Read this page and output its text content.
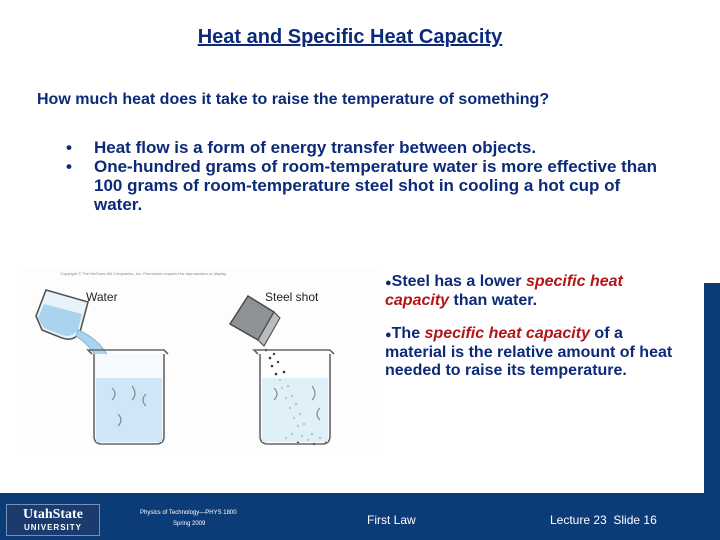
Heat and Specific Heat Capacity
How much heat does it take to raise the temperature of something?
• Heat flow is a form of energy transfer between objects.
• One-hundred grams of room-temperature water is more effective than 100 grams of room-temperature steel shot in cooling a hot cup of water.
Copyright © The McGraw-Hill Companies, Inc. Permission required for reproduction or display.
Water	Steel shot
●Steel has a lower specific heat capacity than water.
●The specific heat capacity of a material is the relative amount of heat needed to raise its temperature.
UtahState
UNIVERSITY
Physics of Technology—PHYS 1800
Spring 2009	First Law	Lecture 23  Slide 16
